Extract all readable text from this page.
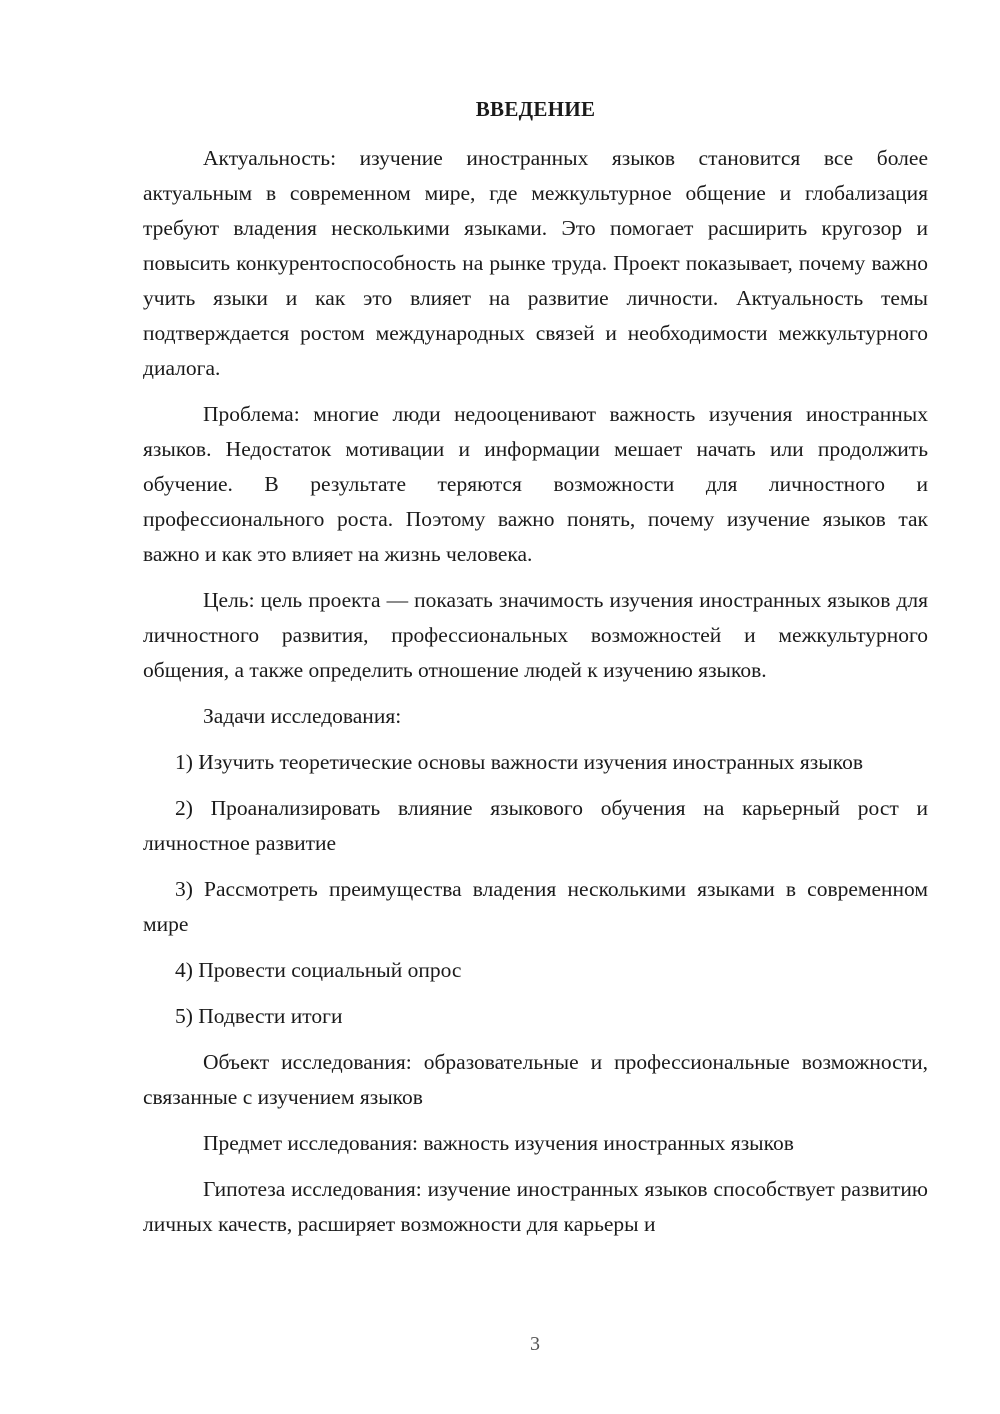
ВВЕДЕНИЕ

Актуальность: изучение иностранных языков становится все более актуальным в современном мире, где межкультурное общение и глобализация требуют владения несколькими языками. Это помогает расширить кругозор и повысить конкурентоспособность на рынке труда. Проект показывает, почему важно учить языки и как это влияет на развитие личности. Актуальность темы подтверждается ростом международных связей и необходимости межкультурного диалога.

Проблема: многие люди недооценивают важность изучения иностранных языков. Недостаток мотивации и информации мешает начать или продолжить обучение. В результате теряются возможности для личностного и профессионального роста. Поэтому важно понять, почему изучение языков так важно и как это влияет на жизнь человека.

Цель: цель проекта — показать значимость изучения иностранных языков для личностного развития, профессиональных возможностей и межкультурного общения, а также определить отношение людей к изучению языков.

Задачи исследования:

1) Изучить теоретические основы важности изучения иностранных языков

2) Проанализировать влияние языкового обучения на карьерный рост и личностное развитие

3) Рассмотреть преимущества владения несколькими языками в современном мире

4) Провести социальный опрос

5) Подвести итоги

Объект исследования: образовательные и профессиональные возможности, связанные с изучением языков

Предмет исследования: важность изучения иностранных языков

Гипотеза исследования: изучение иностранных языков способствует развитию личных качеств, расширяет возможности для карьеры и

3
